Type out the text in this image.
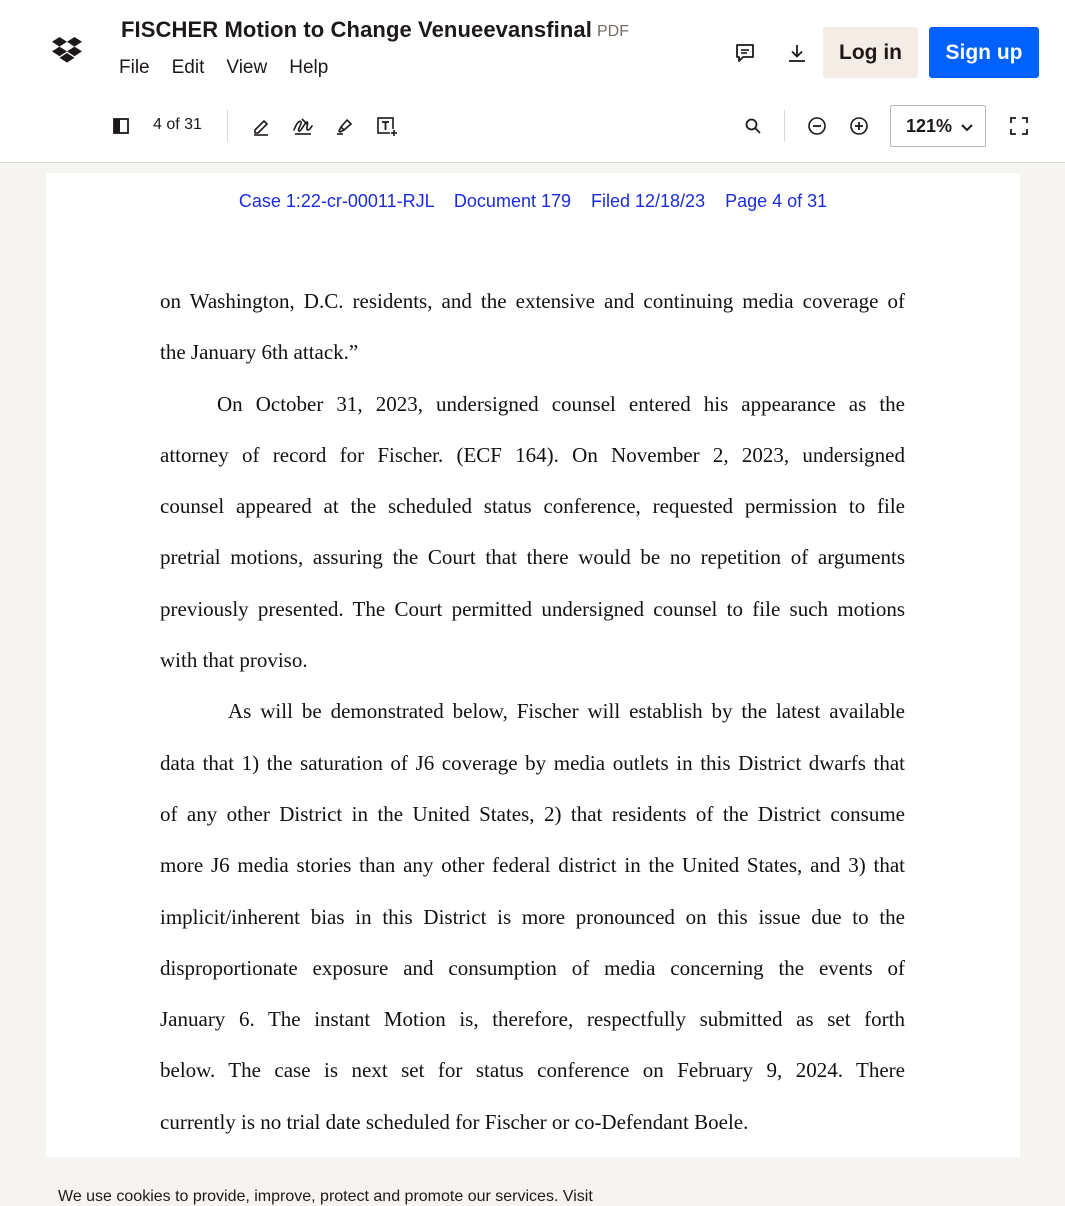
FISCHER Motion to Change Venueevansfinal PDF
File Edit View Help
Log in	Sign up
4 of 31	121%
Case 1:22-cr-00011-RJL    Document 179    Filed 12/18/23    Page 4 of 31
on Washington, D.C. residents, and the extensive and continuing media coverage of
the January 6th attack.”
On October 31, 2023, undersigned counsel entered his appearance as the
attorney of record for Fischer. (ECF 164). On November 2, 2023, undersigned
counsel appeared at the scheduled status conference, requested permission to file
pretrial motions, assuring the Court that there would be no repetition of arguments
previously presented. The Court permitted undersigned counsel to file such motions
with that proviso.
As will be demonstrated below, Fischer will establish by the latest available
data that 1) the saturation of J6 coverage by media outlets in this District dwarfs that
of any other District in the United States, 2) that residents of the District consume
more J6 media stories than any other federal district in the United States, and 3) that
implicit/inherent bias in this District is more pronounced on this issue due to the
disproportionate exposure and consumption of media concerning the events of
January 6. The instant Motion is, therefore, respectfully submitted as set forth
below. The case is next set for status conference on February 9, 2024. There
currently is no trial date scheduled for Fischer or co-Defendant Boele.
We use cookies to provide, improve, protect and promote our services. Visit
